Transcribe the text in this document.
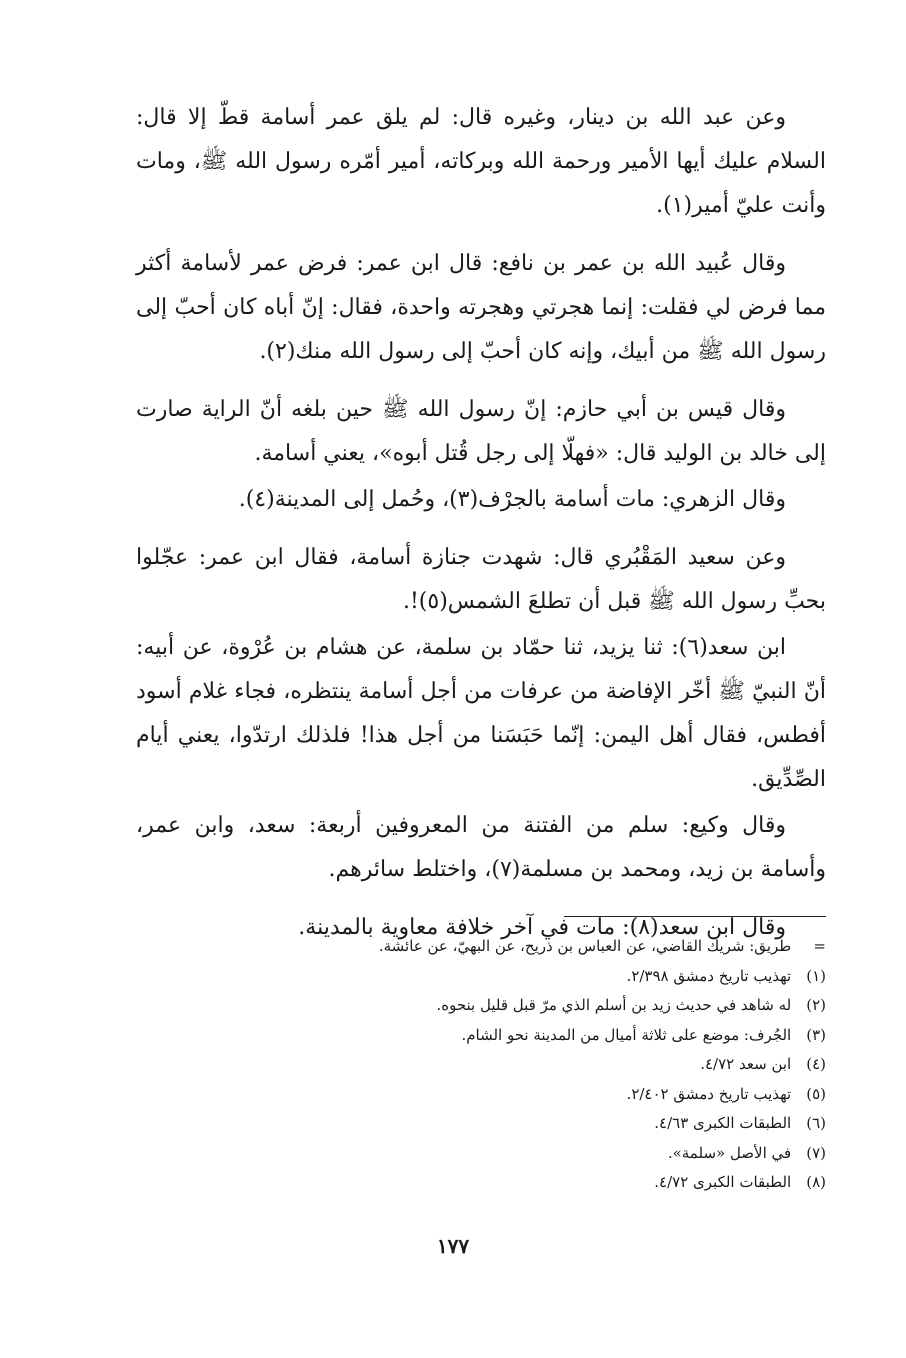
وعن عبد الله بن دينار، وغيره قال: لم يلق عمر أسامة قطّ إلا قال: السلام عليك أيها الأمير ورحمة الله وبركاته، أمير أمّره رسول الله ﷺ، ومات وأنت عليّ أمير(١).

وقال عُبيد الله بن عمر بن نافع: قال ابن عمر: فرض عمر لأسامة أكثر مما فرض لي فقلت: إنما هجرتي وهجرته واحدة، فقال: إنّ أباه كان أحبّ إلى رسول الله ﷺ من أبيك، وإنه كان أحبّ إلى رسول الله منك(٢).

وقال قيس بن أبي حازم: إنّ رسول الله ﷺ حين بلغه أنّ الراية صارت إلى خالد بن الوليد قال: «فهلّا إلى رجل قُتل أبوه»، يعني أسامة.

وقال الزهري: مات أسامة بالجرْف(٣)، وحُمل إلى المدينة(٤).

وعن سعيد المَقْبُري قال: شهدت جنازة أسامة، فقال ابن عمر: عجّلوا بحبِّ رسول الله ﷺ قبل أن تطلعَ الشمس(٥)!.

ابن سعد(٦): ثنا يزيد، ثنا حمّاد بن سلمة، عن هشام بن عُرْوة، عن أبيه: أنّ النبيّ ﷺ أخّر الإفاضة من عرفات من أجل أسامة ينتظره، فجاء غلام أسود أفطس، فقال أهل اليمن: إنّما حَبَسَنا من أجل هذا! فلذلك ارتدّوا، يعني أيام الصِّدِّيق.

وقال وكيع: سلم من الفتنة من المعروفين أربعة: سعد، وابن عمر، وأسامة بن زيد، ومحمد بن مسلمة(٧)، واختلط سائرهم.

وقال ابن سعد(٨): مات في آخر خلافة معاوية بالمدينة.

= طريق: شريك القاضي، عن العباس بن ذريح، عن البهيّ، عن عائشة.

(١) تهذيب تاريخ دمشق ٢/٣٩٨.

(٢) له شاهد في حديث زيد بن أسلم الذي مرّ قبل قليل بنحوه.

(٣) الجُرف: موضع على ثلاثة أميال من المدينة نحو الشام.

(٤) ابن سعد ٤/٧٢.

(٥) تهذيب تاريخ دمشق ٢/٤٠٢.

(٦) الطبقات الكبرى ٤/٦٣.

(٧) في الأصل «سلمة».

(٨) الطبقات الكبرى ٤/٧٢.

١٧٧
